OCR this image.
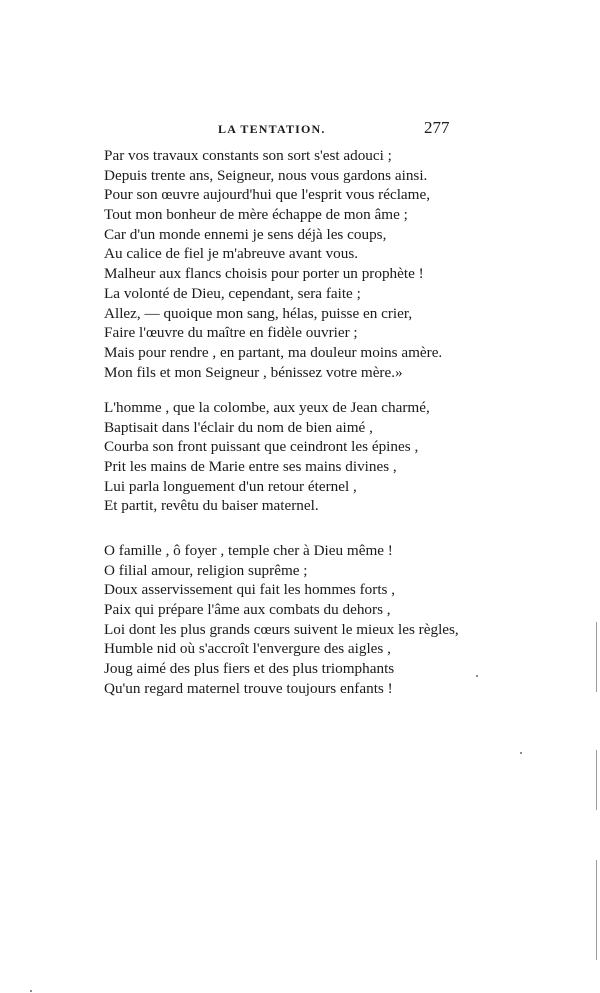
LA TENTATION.	277
Par vos travaux constants son sort s'est adouci ;
Depuis trente ans, Seigneur, nous vous gardons ainsi.
Pour son œuvre aujourd'hui que l'esprit vous réclame,
Tout mon bonheur de mère échappe de mon âme ;
Car d'un monde ennemi je sens déjà les coups,
Au calice de fiel je m'abreuve avant vous.
Malheur aux flancs choisis pour porter un prophète !
La volonté de Dieu, cependant, sera faite ;
Allez, — quoique mon sang, hélas, puisse en crier,
Faire l'œuvre du maître en fidèle ouvrier ;
Mais pour rendre , en partant, ma douleur moins amère.
Mon fils et mon Seigneur , bénissez votre mère.»
L'homme , que la colombe, aux yeux de Jean charmé,
Baptisait dans l'éclair du nom de bien aimé ,
Courba son front puissant que ceindront les épines ,
Prit les mains de Marie entre ses mains divines ,
Lui parla longuement d'un retour éternel ,
Et partit, revêtu du baiser maternel.
O famille , ô foyer , temple cher à Dieu même !
O filial amour, religion suprême ;
Doux asservissement qui fait les hommes forts ,
Paix qui prépare l'âme aux combats du dehors ,
Loi dont les plus grands cœurs suivent le mieux les règles,
Humble nid où s'accroît l'envergure des aigles ,
Joug aimé des plus fiers et des plus triomphants
Qu'un regard maternel trouve toujours enfants !
